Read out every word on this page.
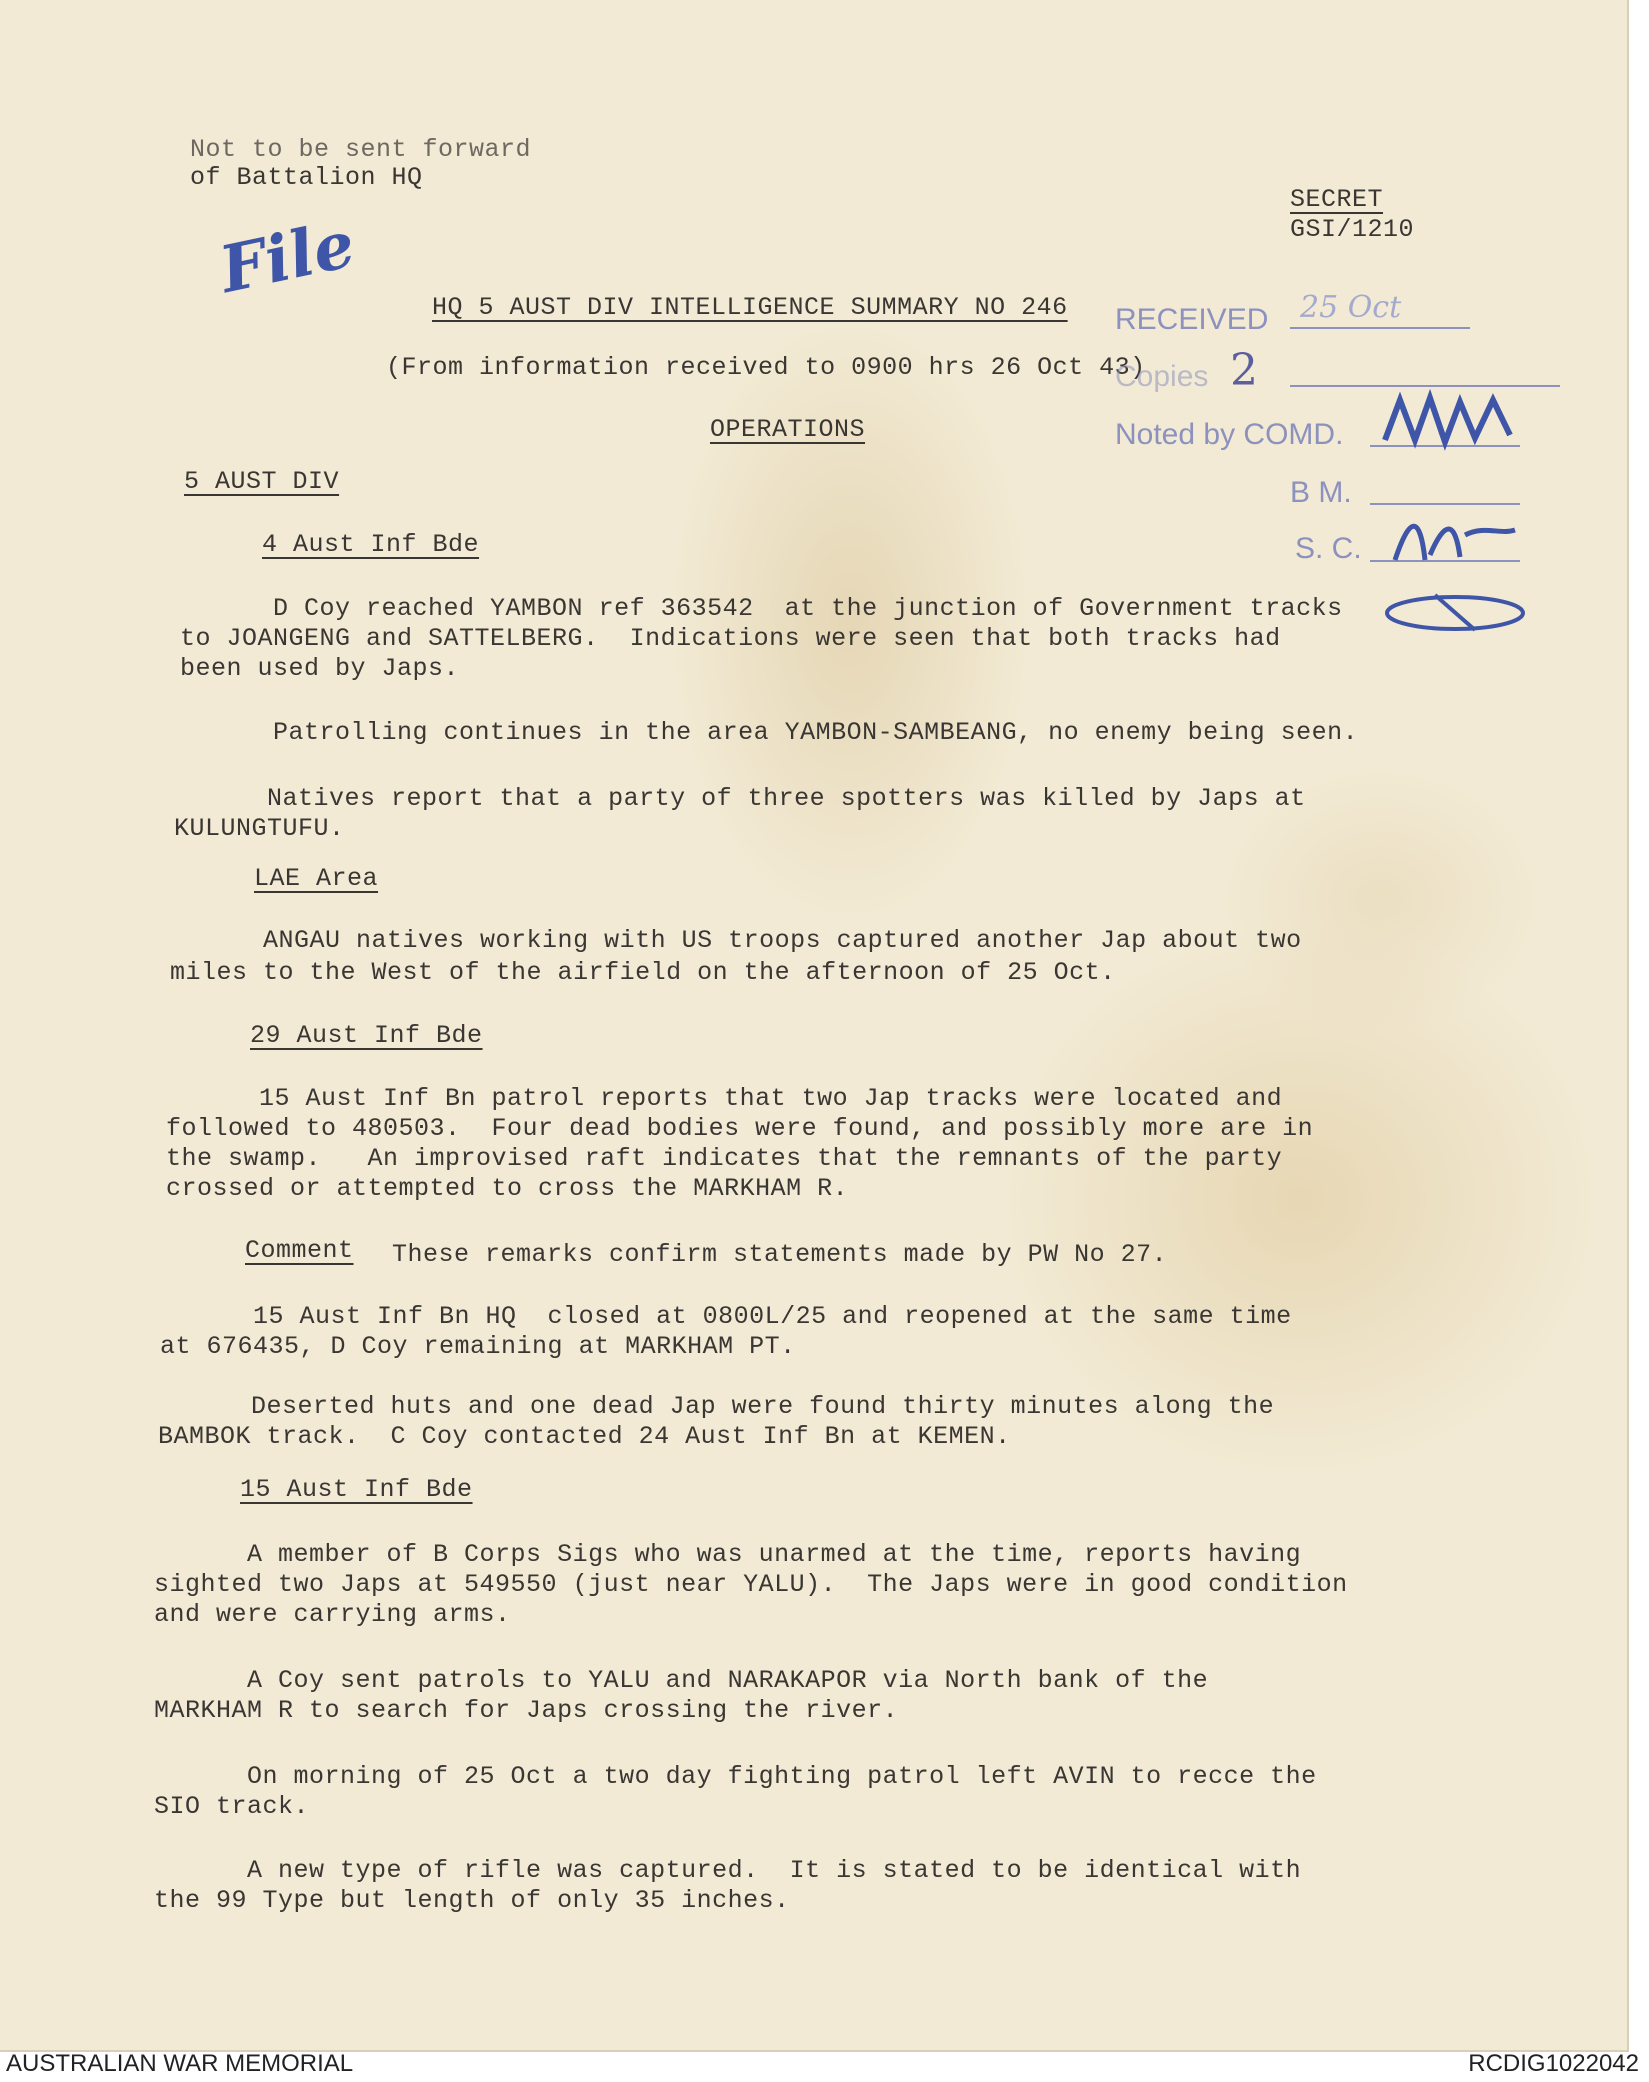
Not to be sent forward
of Battalion HQ
File
SECRET
GSI/1210
HQ 5 AUST DIV INTELLIGENCE SUMMARY NO 246
(From information received to 0900 hrs 26 Oct 43)
OPERATIONS
RECEIVED 25 Oct
Copies 2
Noted by COMD.
B M.
S. C.
5 AUST DIV
4 Aust Inf Bde
D Coy reached YAMBON ref 363542  at the junction of Government tracks
to JOANGENG and SATTELBERG.  Indications were seen that both tracks had
been used by Japs.
Patrolling continues in the area YAMBON-SAMBEANG, no enemy being seen.
Natives report that a party of three spotters was killed by Japs at
KULUNGTUFU.
LAE Area
ANGAU natives working with US troops captured another Jap about two
miles to the West of the airfield on the afternoon of 25 Oct.
29 Aust Inf Bde
15 Aust Inf Bn patrol reports that two Jap tracks were located and
followed to 480503.  Four dead bodies were found, and possibly more are in
the swamp.   An improvised raft indicates that the remnants of the party
crossed or attempted to cross the MARKHAM R.
Comment These remarks confirm statements made by PW No 27.
15 Aust Inf Bn HQ  closed at 0800L/25 and reopened at the same time
at 676435, D Coy remaining at MARKHAM PT.
Deserted huts and one dead Jap were found thirty minutes along the
BAMBOK track.  C Coy contacted 24 Aust Inf Bn at KEMEN.
15 Aust Inf Bde
A member of B Corps Sigs who was unarmed at the time, reports having
sighted two Japs at 549550 (just near YALU).  The Japs were in good condition
and were carrying arms.
A Coy sent patrols to YALU and NARAKAPOR via North bank of the
MARKHAM R to search for Japs crossing the river.
On morning of 25 Oct a two day fighting patrol left AVIN to recce the
SIO track.
A new type of rifle was captured.  It is stated to be identical with
the 99 Type but length of only 35 inches.
AUSTRALIAN WAR MEMORIAL	RCDIG1022042
